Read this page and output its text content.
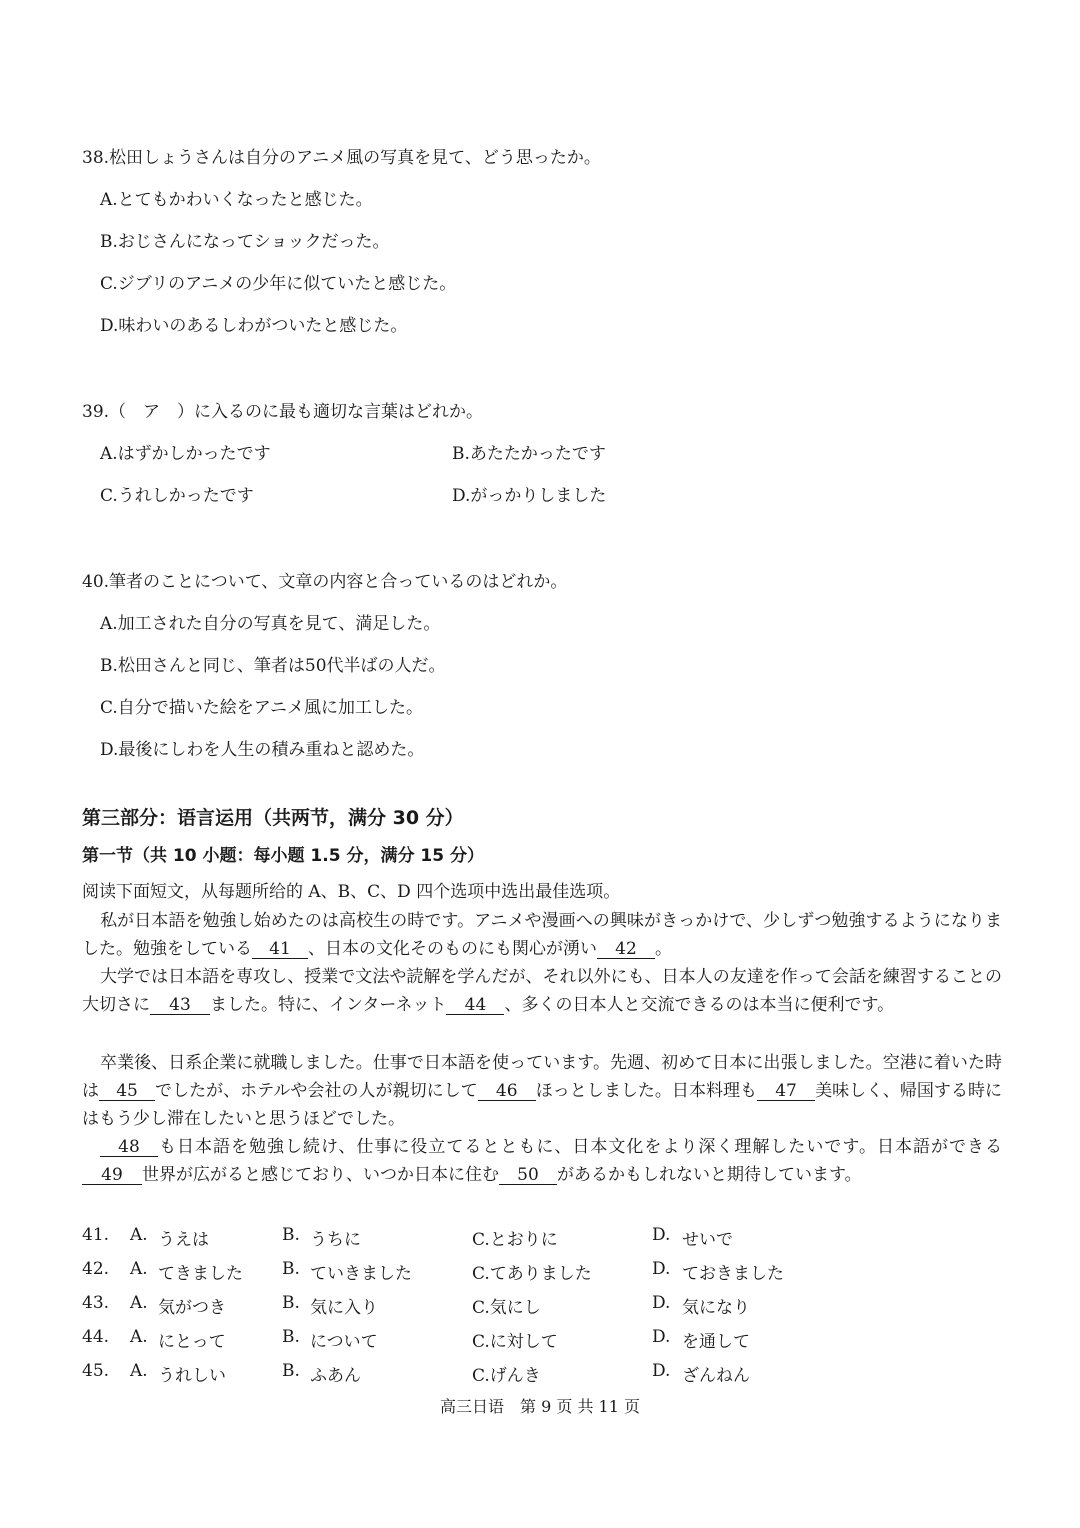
38.松田しょうさんは自分のアニメ風の写真を見て、どう思ったか。
A.とてもかわいくなったと感じた。
B.おじさんになってショックだった。
C.ジブリのアニメの少年に似ていたと感じた。
D.味わいのあるしわがついたと感じた。
39.（　ア　）に入るのに最も適切な言葉はどれか。
A.はずかしかったです	B.あたたかったです
C.うれしかったです	D.がっかりしました
40.筆者のことについて、文章の内容と合っているのはどれか。
A.加工された自分の写真を見て、満足した。
B.松田さんと同じ、筆者は50代半ばの人だ。
C.自分で描いた絵をアニメ風に加工した。
D.最後にしわを人生の積み重ねと認めた。
第三部分：语言运用（共两节，满分 30 分）
第一节（共 10 小题：每小题 1.5 分，满分 15 分）
阅读下面短文，从每题所给的 A、B、C、D 四个选项中选出最佳选项。
私が日本語を勉強し始めたのは高校生の時です。アニメや漫画への興味がきっかけで、少しずつ勉強するようになりました。勉強をしている 41 、日本の文化そのものにも関心が湧い 42 。
大学では日本語を専攻し、授業で文法や読解を学んだが、それ以外にも、日本人の友達を作って会話を練習することの大切さに 43 ました。特に、インターネット 44 、多くの日本人と交流できるのは本当に便利です。
卒業後、日系企業に就職しました。仕事で日本語を使っています。先週、初めて日本に出張しました。空港に着いた時は 45 でしたが、ホテルや会社の人が親切にして 46 ほっとしました。日本料理も 47 美味しく、帰国する時にはもう少し滞在したいと思うほどでした。
48 も日本語を勉強し続け、仕事に役立てるとともに、日本文化をより深く理解したいです。日本語ができる49 世界が広がると感じており、いつか日本に住む 50 があるかもしれないと期待しています。
41. A. うえは	B. うちに	C.とおりに	D. せいで
42. A. てきました B. ていきました	C.てありました	D. ておきました
43. A. 気がつき	B. 気に入り	C.気にし	D. 気になり
44. A. にとって	B. について	C.に対して	D. を通して
45. A. うれしい	B. ふあん	C.げんき	D. ざんねん
高三日语　第 9 页 共 11 页
